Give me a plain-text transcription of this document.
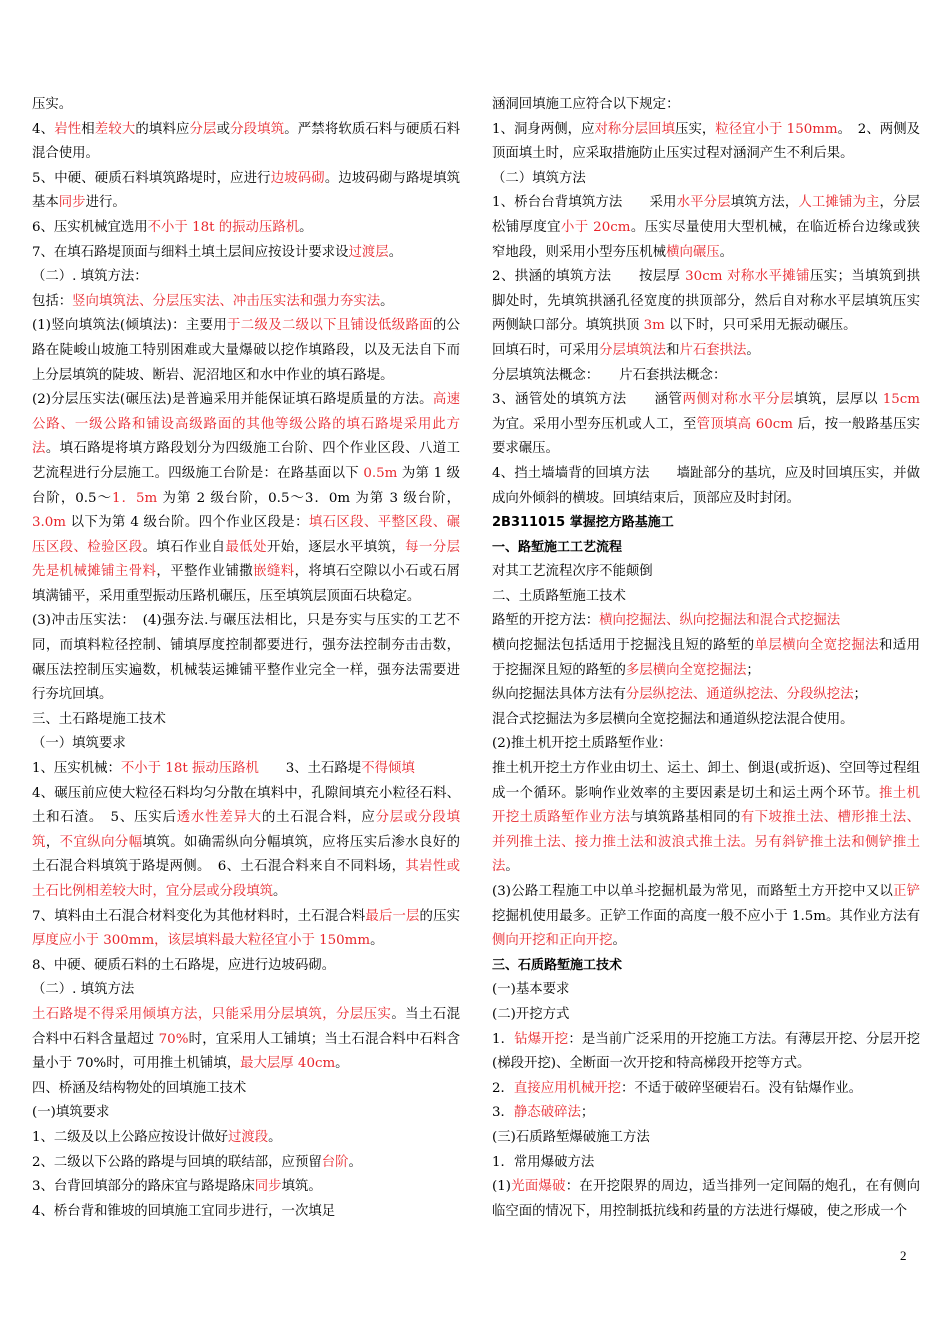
压实。

4、岩性相差较大的填料应分层或分段填筑。严禁将软质石料与硬质石料混合使用。

5、中硬、硬质石料填筑路堤时，应进行边坡码砌。边坡码砌与路堤填筑基本同步进行。

6、压实机械宜选用不小于 18t 的振动压路机。

7、在填石路堤顶面与细料土填土层间应按设计要求设过渡层。

（二）. 填筑方法：

包括：竖向填筑法、分层压实法、冲击压实法和强力夯实法。

(1)竖向填筑法(倾填法)：主要用于二级及二级以下且铺设低级路面的公路在陡峻山坡施工特别困难或大量爆破以挖作填路段，以及无法自下而上分层填筑的陡坡、断岩、泥沼地区和水中作业的填石路堤。

(2)分层压实法(碾压法)是普遍采用并能保证填石路堤质量的方法。高速公路、一级公路和铺设高级路面的其他等级公路的填石路堤采用此方法。填石路堤将填方路段划分为四级施工台阶、四个作业区段、八道工艺流程进行分层施工。四级施工台阶是：在路基面以下 0.5m 为第 1 级台阶，0.5～1．5m 为第 2 级台阶，0.5～3．0m 为第 3 级台阶，3.0m 以下为第 4 级台阶。四个作业区段是：填石区段、平整区段、碾压区段、检验区段。填石作业自最低处开始，逐层水平填筑，每一分层先是机械摊铺主骨料，平整作业铺撒嵌缝料，将填石空隙以小石或石屑填满铺平，采用重型振动压路机碾压，压至填筑层顶面石块稳定。

(3)冲击压实法：　(4)强夯法.与碾压法相比，只是夯实与压实的工艺不同，而填料粒径控制、铺填厚度控制都要进行，强夯法控制夯击击数，碾压法控制压实遍数，机械装运摊铺平整作业完全一样，强夯法需要进行夯坑回填。

三、土石路堤施工技术

（一）填筑要求

1、压实机械：不小于 18t 振动压路机　　3、土石路堤不得倾填

4、碾压前应使大粒径石料均匀分散在填料中，孔隙间填充小粒径石料、土和石渣。　5、压实后透水性差异大的土石混合料，应分层或分段填筑，不宜纵向分幅填筑。如确需纵向分幅填筑，应将压实后渗水良好的土石混合料填筑于路堤两侧。　6、土石混合料来自不同料场，其岩性或土石比例相差较大时，宜分层或分段填筑。

7、填料由土石混合材料变化为其他材料时，土石混合料最后一层的压实厚度应小于 300mm，该层填料最大粒径宜小于 150mm。

8、中硬、硬质石料的土石路堤，应进行边坡码砌。

（二）. 填筑方法

土石路堤不得采用倾填方法，只能采用分层填筑，分层压实。当土石混合料中石料含量超过 70%时，宜采用人工铺填；当土石混合料中石料含量小于 70%时，可用推土机铺填，最大层厚 40cm。

四、桥涵及结构物处的回填施工技术

(一)填筑要求

1、二级及以上公路应按设计做好过渡段。

2、二级以下公路的路堤与回填的联结部，应预留台阶。

3、台背回填部分的路床宜与路堤路床同步填筑。

4、桥台背和锥坡的回填施工宜同步进行，一次填足

涵洞回填施工应符合以下规定：

1、洞身两侧，应对称分层回填压实，粒径宜小于 150mm。　2、两侧及顶面填土时，应采取措施防止压实过程对涵洞产生不利后果。

（二）填筑方法

1、桥台台背填筑方法　　采用水平分层填筑方法，人工摊铺为主，分层松铺厚度宜小于 20cm。压实尽量使用大型机械，在临近桥台边缘或狭窄地段，则采用小型夯压机械横向碾压。

2、拱涵的填筑方法　　按层厚 30cm 对称水平摊铺压实；当填筑到拱脚处时，先填筑拱涵孔径宽度的拱顶部分，然后自对称水平层填筑压实两侧缺口部分。填筑拱顶 3m 以下时，只可采用无振动碾压。

回填石时，可采用分层填筑法和片石套拱法。

分层填筑法概念：　　片石套拱法概念：

3、涵管处的填筑方法　　涵管两侧对称水平分层填筑，层厚以 15cm 为宜。采用小型夯压机或人工，至管顶填高 60cm 后，按一般路基压实要求碾压。

4、挡土墙墙背的回填方法　　墙趾部分的基坑，应及时回填压实，并做成向外倾斜的横坡。回填结束后，顶部应及时封闭。

2B311015 掌握挖方路基施工

一、路堑施工工艺流程

对其工艺流程次序不能颠倒

二、土质路堑施工技术

路堑的开挖方法：横向挖掘法、纵向挖掘法和混合式挖掘法

横向挖掘法包括适用于挖掘浅且短的路堑的单层横向全宽挖掘法和适用于挖掘深且短的路堑的多层横向全宽挖掘法；

纵向挖掘法具体方法有分层纵挖法、通道纵挖法、分段纵挖法；

混合式挖掘法为多层横向全宽挖掘法和通道纵挖法混合使用。

(2)推土机开挖土质路堑作业：

推土机开挖土方作业由切土、运土、卸土、倒退(或折返)、空回等过程组成一个循环。影响作业效率的主要因素是切土和运土两个环节。推土机开挖土质路堑作业方法与填筑路基相同的有下坡推土法、槽形推土法、并列推土法、接力推土法和波浪式推土法。另有斜铲推土法和侧铲推土法。

(3)公路工程施工中以单斗挖掘机最为常见，而路堑土方开挖中又以正铲挖掘机使用最多。正铲工作面的高度一般不应小于 1.5m。其作业方法有侧向开挖和正向开挖。

三、石质路堑施工技术

(一)基本要求

(二)开挖方式

1．钻爆开挖：是当前广泛采用的开挖施工方法。有薄层开挖、分层开挖(梯段开挖)、全断面一次开挖和特高梯段开挖等方式。

2．直接应用机械开挖：不适于破碎坚硬岩石。没有钻爆作业。

3．静态破碎法；

(三)石质路堑爆破施工方法

1．常用爆破方法

(1)光面爆破：在开挖限界的周边，适当排列一定间隔的炮孔，在有侧向临空面的情况下，用控制抵抗线和药量的方法进行爆破，使之形成一个

2
